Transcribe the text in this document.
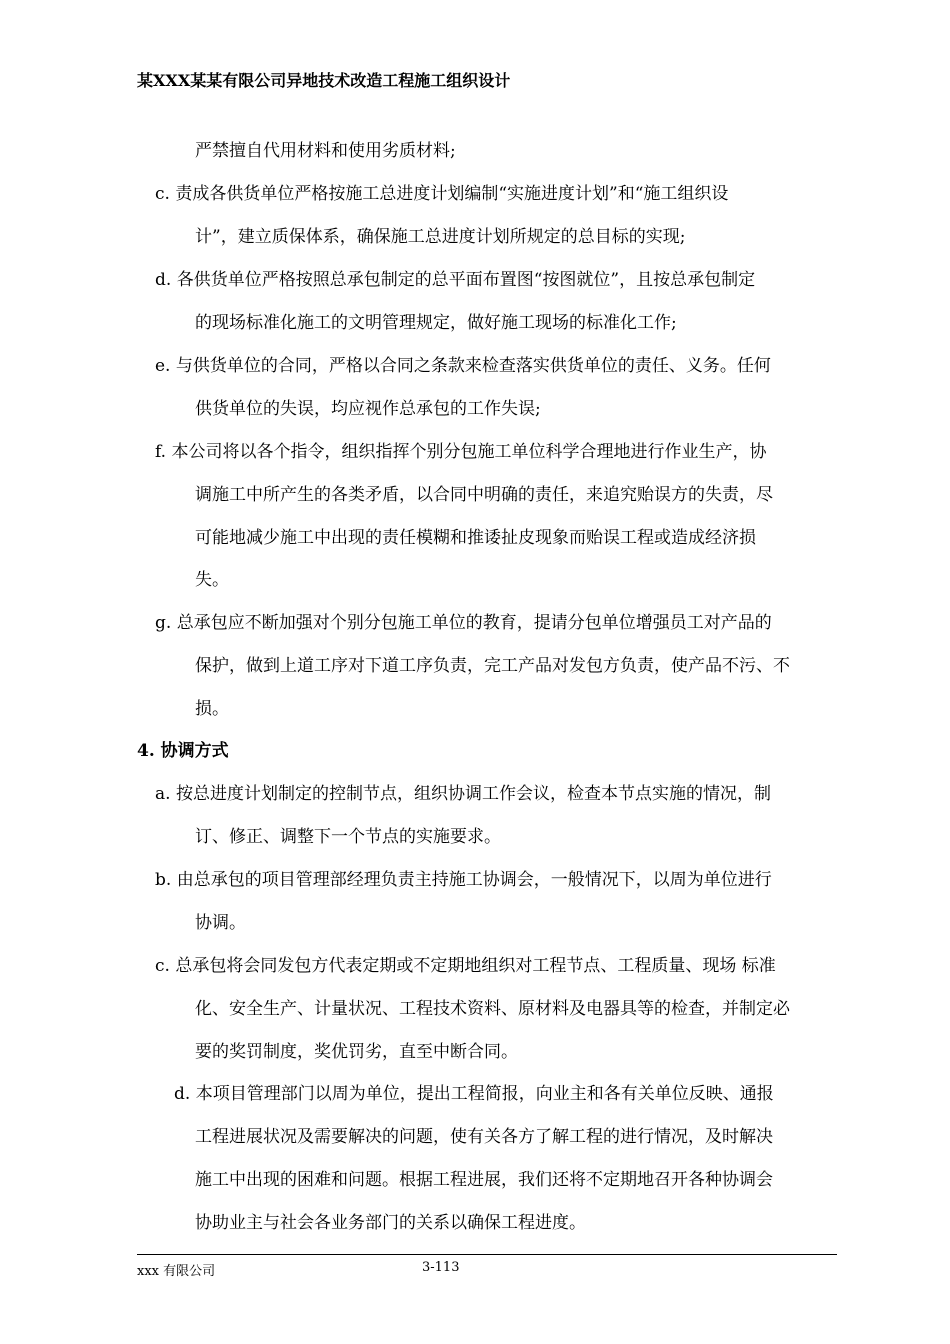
某XXX某某有限公司异地技术改造工程施工组织设计
严禁擅自代用材料和使用劣质材料;
c. 责成各供货单位严格按施工总进度计划编制“实施进度计划”和“施工组织设
计”，建立质保体系，确保施工总进度计划所规定的总目标的实现;
d. 各供货单位严格按照总承包制定的总平面布置图“按图就位”，且按总承包制定
的现场标准化施工的文明管理规定，做好施工现场的标准化工作;
e. 与供货单位的合同，严格以合同之条款来检查落实供货单位的责任、义务。任何
供货单位的失误，均应视作总承包的工作失误;
f. 本公司将以各个指令，组织指挥个别分包施工单位科学合理地进行作业生产，协
调施工中所产生的各类矛盾，以合同中明确的责任，来追究贻误方的失责，尽
可能地减少施工中出现的责任模糊和推诿扯皮现象而贻误工程或造成经济损
失。
g. 总承包应不断加强对个别分包施工单位的教育，提请分包单位增强员工对产品的
保护，做到上道工序对下道工序负责，完工产品对发包方负责，使产品不污、不
损。
4. 协调方式
a. 按总进度计划制定的控制节点，组织协调工作会议，检查本节点实施的情况，制
订、修正、调整下一个节点的实施要求。
b. 由总承包的项目管理部经理负责主持施工协调会，一般情况下，以周为单位进行
协调。
c. 总承包将会同发包方代表定期或不定期地组织对工程节点、工程质量、现场 标准
化、安全生产、计量状况、工程技术资料、原材料及电器具等的检查，并制定必
要的奖罚制度，奖优罚劣，直至中断合同。
d. 本项目管理部门以周为单位，提出工程简报，向业主和各有关单位反映、通报
工程进展状况及需要解决的问题，使有关各方了解工程的进行情况，及时解决
施工中出现的困难和问题。根据工程进展，我们还将不定期地召开各种协调会
协助业主与社会各业务部门的关系以确保工程进度。
xxx 有限公司	3-113
